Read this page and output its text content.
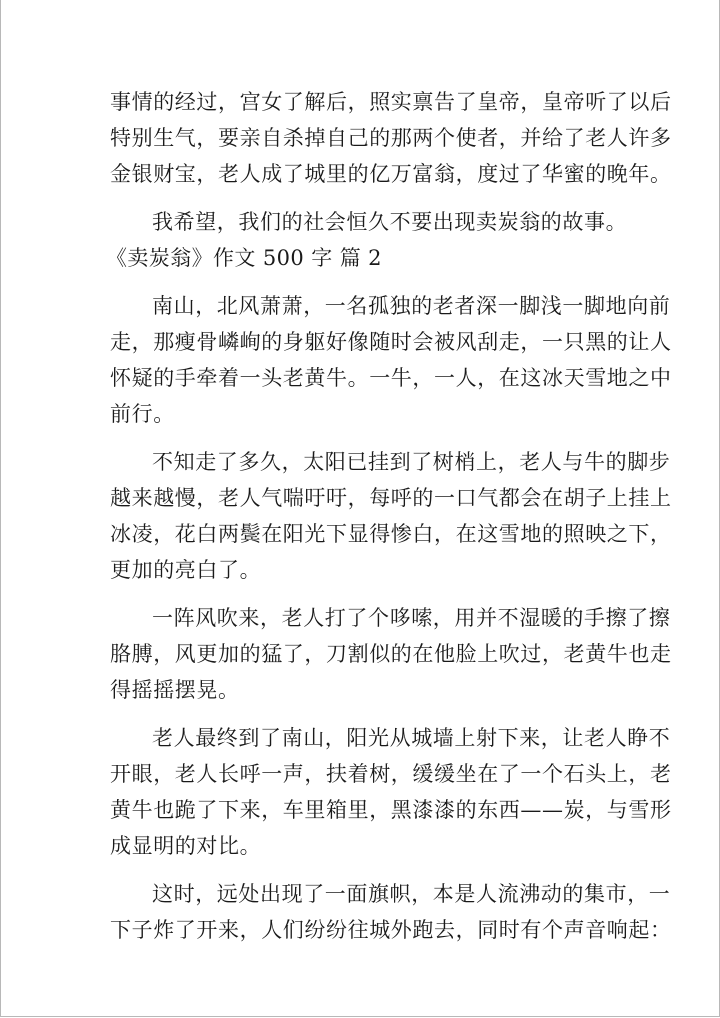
事情的经过，宫女了解后，照实禀告了皇帝，皇帝听了以后
特别生气，要亲自杀掉自己的那两个使者，并给了老人许多
金银财宝，老人成了城里的亿万富翁，度过了华蜜的晚年。
我希望，我们的社会恒久不要出现卖炭翁的故事。
《卖炭翁》作文 500 字 篇 2
南山，北风萧萧，一名孤独的老者深一脚浅一脚地向前
走，那瘦骨嶙峋的身躯好像随时会被风刮走，一只黑的让人
怀疑的手牵着一头老黄牛。一牛，一人，在这冰天雪地之中
前行。
不知走了多久，太阳已挂到了树梢上，老人与牛的脚步
越来越慢，老人气喘吁吁，每呼的一口气都会在胡子上挂上
冰凌，花白两鬓在阳光下显得惨白，在这雪地的照映之下，
更加的亮白了。
一阵风吹来，老人打了个哆嗦，用并不湿暖的手擦了擦
胳膊，风更加的猛了，刀割似的在他脸上吹过，老黄牛也走
得摇摇摆晃。
老人最终到了南山，阳光从城墙上射下来，让老人睁不
开眼，老人长呼一声，扶着树，缓缓坐在了一个石头上，老
黄牛也跪了下来，车里箱里，黑漆漆的东西——炭，与雪形
成显明的对比。
这时，远处出现了一面旗帜，本是人流沸动的集市，一
下子炸了开来，人们纷纷往城外跑去，同时有个声音响起：
